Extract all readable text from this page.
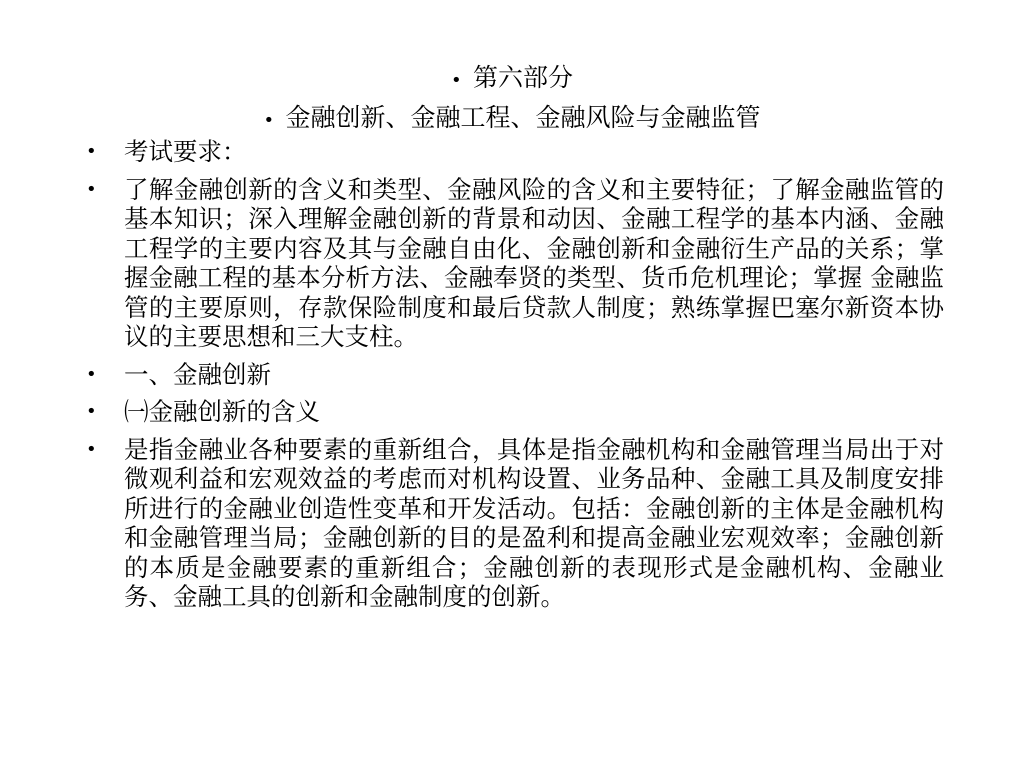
• 第六部分
• 金融创新、金融工程、金融风险与金融监管
•	考试要求：
•	了解金融创新的含义和类型、金融风险的含义和主要特征；了解金融监管的基本知识；深入理解金融创新的背景和动因、金融工程学的基本内涵、金融工程学的主要内容及其与金融自由化、金融创新和金融衍生产品的关系；掌握金融工程的基本分析方法、金融奉贤的类型、货币危机理论；掌握 金融监管的主要原则，存款保险制度和最后贷款人制度；熟练掌握巴塞尔新资本协议的主要思想和三大支柱。
•	一、金融创新
•	㈠金融创新的含义
•	是指金融业各种要素的重新组合，具体是指金融机构和金融管理当局出于对微观利益和宏观效益的考虑而对机构设置、业务品种、金融工具及制度安排所进行的金融业创造性变革和开发活动。包括：金融创新的主体是金融机构和金融管理当局；金融创新的目的是盈利和提高金融业宏观效率；金融创新的本质是金融要素的重新组合；金融创新的表现形式是金融机构、金融业务、金融工具的创新和金融制度的创新。
